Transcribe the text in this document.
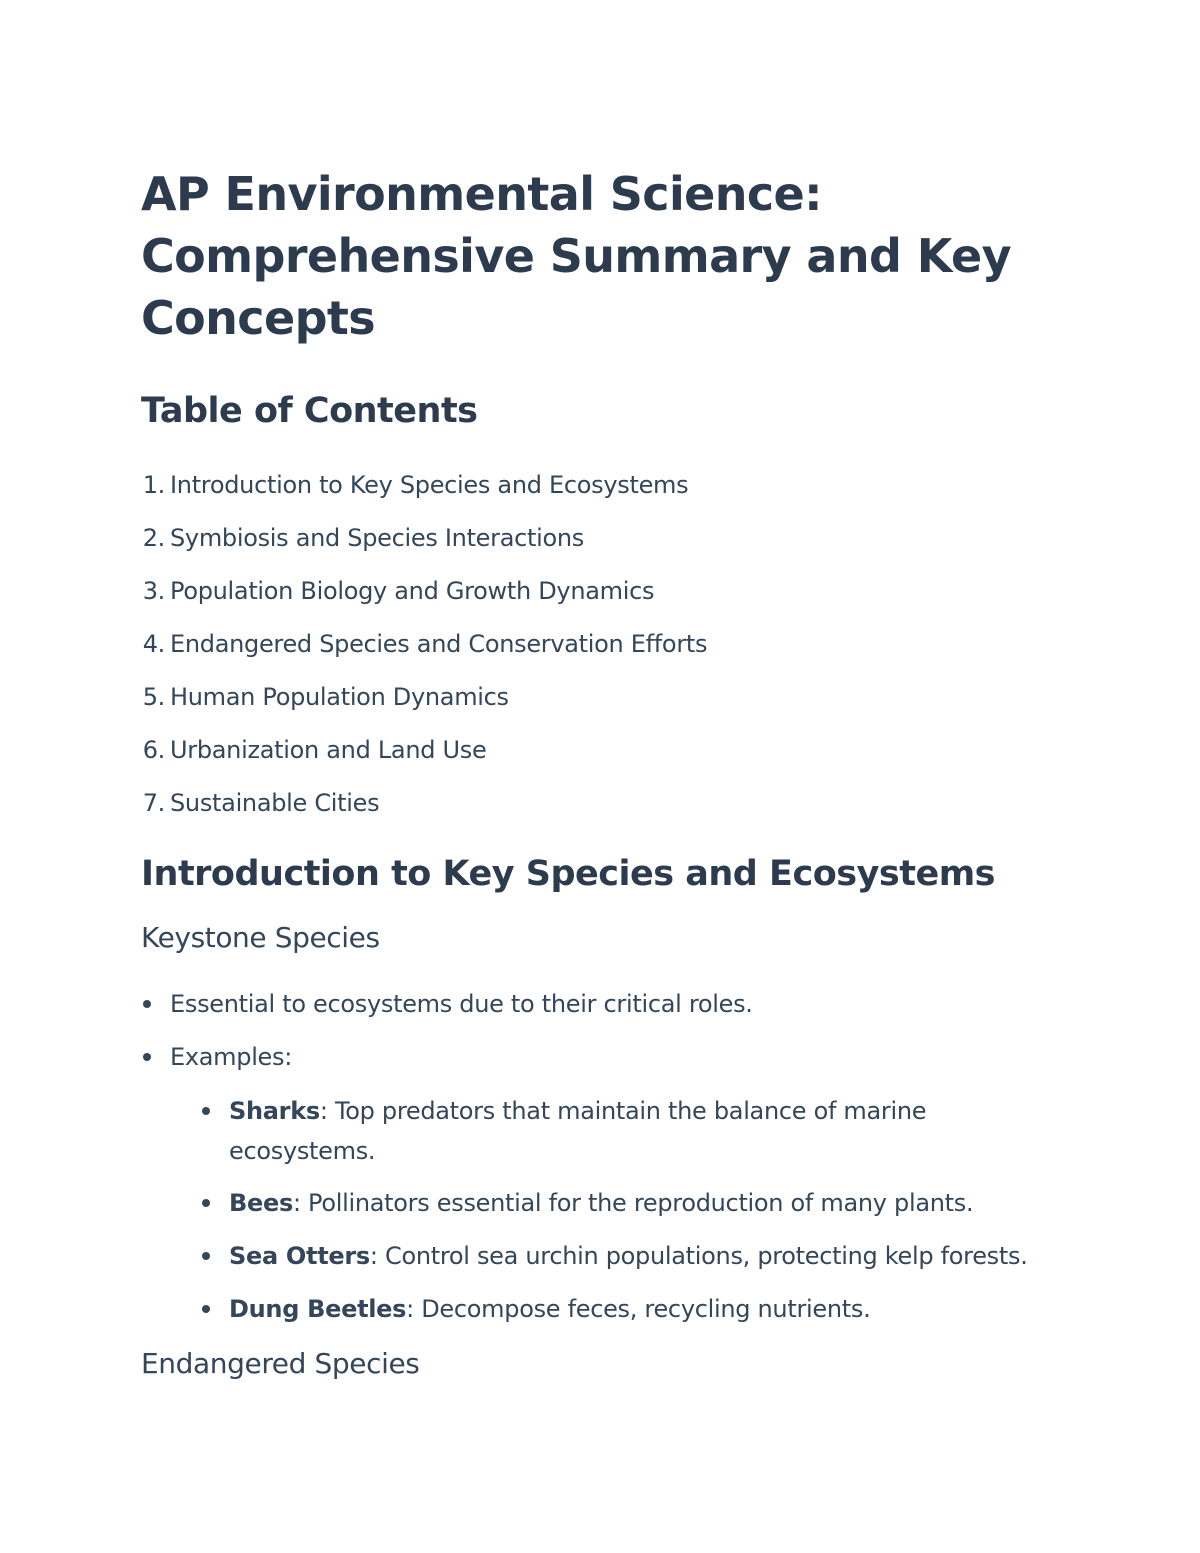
AP Environmental Science: Comprehensive Summary and Key Concepts
Table of Contents
1. Introduction to Key Species and Ecosystems
2. Symbiosis and Species Interactions
3. Population Biology and Growth Dynamics
4. Endangered Species and Conservation Efforts
5. Human Population Dynamics
6. Urbanization and Land Use
7. Sustainable Cities
Introduction to Key Species and Ecosystems
Keystone Species
Essential to ecosystems due to their critical roles.
Examples:
Sharks: Top predators that maintain the balance of marine ecosystems.
Bees: Pollinators essential for the reproduction of many plants.
Sea Otters: Control sea urchin populations, protecting kelp forests.
Dung Beetles: Decompose feces, recycling nutrients.
Endangered Species
